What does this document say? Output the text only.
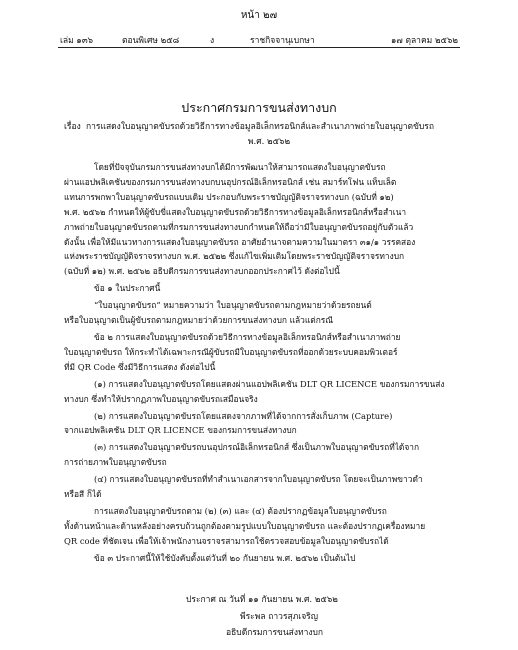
หน้า ๒๗
เล่ม ๑๓๖	ตอนพิเศษ ๒๕๘	ง	ราชกิจจานุเบกษา	๑๗ ตุลาคม ๒๕๖๒
ประกาศกรมการขนส่งทางบก
เรื่อง การแสดงใบอนุญาตขับรถด้วยวิธีการทางข้อมูลอิเล็กทรอนิกส์และสำเนาภาพถ่ายใบอนุญาตขับรถ
พ.ศ. ๒๕๖๒

โดยที่ปัจจุบันกรมการขนส่งทางบกได้มีการพัฒนาให้สามารถแสดงใบอนุญาตขับรถ

ผ่านแอปพลิเคชันของกรมการขนส่งทางบกบนอุปกรณ์อิเล็กทรอนิกส์ เช่น สมาร์ทโฟน แท็บเล็ต

แทนการพกพาใบอนุญาตขับรถแบบเดิม ประกอบกับพระราชบัญญัติจราจรทางบก (ฉบับที่ ๑๒)

พ.ศ. ๒๕๖๒ กำหนดให้ผู้ขับขี่แสดงใบอนุญาตขับรถด้วยวิธีการทางข้อมูลอิเล็กทรอนิกส์หรือสำเนา

ภาพถ่ายใบอนุญาตขับรถตามที่กรมการขนส่งทางบกกำหนดให้ถือว่ามีใบอนุญาตขับรถอยู่กับตัวแล้ว

ดังนั้น เพื่อให้มีแนวทางการแสดงใบอนุญาตขับรถ อาศัยอำนาจตามความในมาตรา ๓๑/๑ วรรคสอง

แห่งพระราชบัญญัติจราจรทางบก พ.ศ. ๒๕๒๒ ซึ่งแก้ไขเพิ่มเติมโดยพระราชบัญญัติจราจรทางบก

(ฉบับที่ ๑๒) พ.ศ. ๒๕๖๒ อธิบดีกรมการขนส่งทางบกออกประกาศไว้ ดังต่อไปนี้

ข้อ ๑ ในประกาศนี้

“ใบอนุญาตขับรถ” หมายความว่า ใบอนุญาตขับรถตามกฎหมายว่าด้วยรถยนต์

หรือใบอนุญาตเป็นผู้ขับรถตามกฎหมายว่าด้วยการขนส่งทางบก แล้วแต่กรณี

ข้อ ๒ การแสดงใบอนุญาตขับรถด้วยวิธีการทางข้อมูลอิเล็กทรอนิกส์หรือสำเนาภาพถ่าย

ใบอนุญาตขับรถ ให้กระทำได้เฉพาะกรณีผู้ขับรถมีใบอนุญาตขับรถที่ออกด้วยระบบคอมพิวเตอร์

ที่มี QR Code ซึ่งมีวิธีการแสดง ดังต่อไปนี้

(๑) การแสดงใบอนุญาตขับรถโดยแสดงผ่านแอปพลิเคชัน DLT QR LICENCE ของกรมการขนส่ง

ทางบก ซึ่งทำให้ปรากฏภาพใบอนุญาตขับรถเสมือนจริง

(๒) การแสดงใบอนุญาตขับรถโดยแสดงจากภาพที่ได้จากการสั่งเก็บภาพ (Capture)

จากแอปพลิเคชัน DLT QR LICENCE ของกรมการขนส่งทางบก

(๓) การแสดงใบอนุญาตขับรถบนอุปกรณ์อิเล็กทรอนิกส์ ซึ่งเป็นภาพใบอนุญาตขับรถที่ได้จาก

การถ่ายภาพใบอนุญาตขับรถ

(๔) การแสดงใบอนุญาตขับรถที่ทำสำเนาเอกสารจากใบอนุญาตขับรถ โดยจะเป็นภาพขาวดำ

หรือสี ก็ได้

การแสดงใบอนุญาตขับรถตาม (๒) (๓) และ (๔) ต้องปรากฏข้อมูลใบอนุญาตขับรถ

ทั้งด้านหน้าและด้านหลังอย่างครบถ้วนถูกต้องตามรูปแบบใบอนุญาตขับรถ และต้องปรากฏเครื่องหมาย

QR code ที่ชัดเจน เพื่อให้เจ้าพนักงานจราจรสามารถใช้ตรวจสอบข้อมูลใบอนุญาตขับรถได้

ข้อ ๓ ประกาศนี้ให้ใช้บังคับตั้งแต่วันที่ ๒๐ กันยายน พ.ศ. ๒๕๖๒ เป็นต้นไป

ประกาศ ณ วันที่ ๑๑ กันยายน พ.ศ. ๒๕๖๒
พีระพล ถาวรสุภเจริญ
อธิบดีกรมการขนส่งทางบก
